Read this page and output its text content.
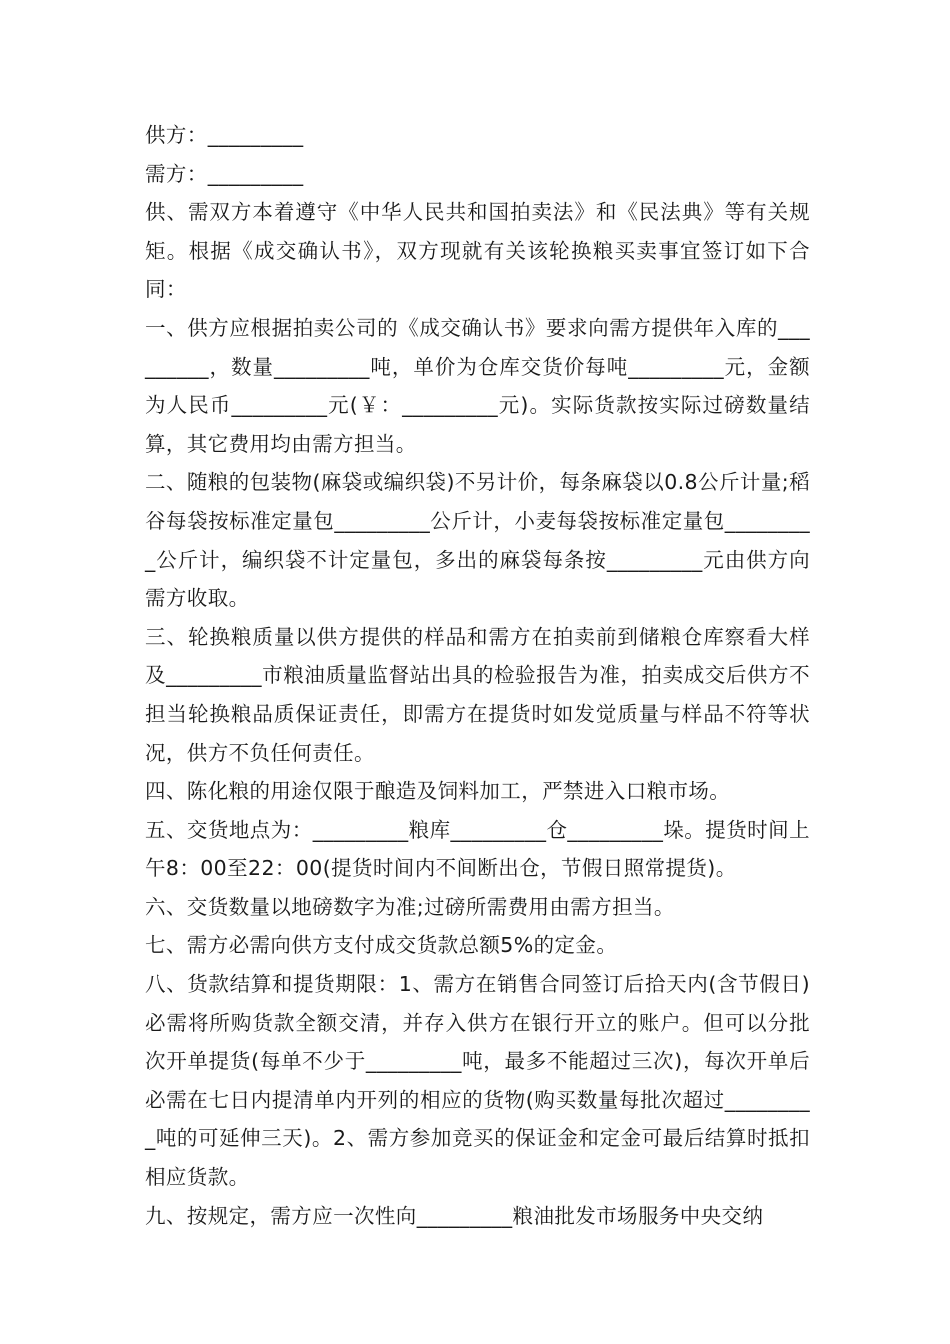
供方：_________

需方：_________

供、需双方本着遵守《中华人民共和国拍卖法》和《民法典》等有关规矩。根据《成交确认书》，双方现就有关该轮换粮买卖事宜签订如下合同：

一、供方应根据拍卖公司的《成交确认书》要求向需方提供年入库的_________，数量_________吨，单价为仓库交货价每吨_________元，金额为人民币_________元(￥：_________元)。实际货款按实际过磅数量结算，其它费用均由需方担当。

二、随粮的包装物(麻袋或编织袋)不另计价，每条麻袋以0.8公斤计量;稻谷每袋按标准定量包_________公斤计，小麦每袋按标准定量包_________公斤计，编织袋不计定量包，多出的麻袋每条按_________元由供方向需方收取。

三、轮换粮质量以供方提供的样品和需方在拍卖前到储粮仓库察看大样及_________市粮油质量监督站出具的检验报告为准，拍卖成交后供方不担当轮换粮品质保证责任，即需方在提货时如发觉质量与样品不符等状况，供方不负任何责任。

四、陈化粮的用途仅限于酿造及饲料加工，严禁进入口粮市场。

五、交货地点为：_________粮库_________仓_________垛。提货时间上午8：00至22：00(提货时间内不间断出仓，节假日照常提货)。

六、交货数量以地磅数字为准;过磅所需费用由需方担当。

七、需方必需向供方支付成交货款总额5%的定金。

八、货款结算和提货期限：1、需方在销售合同签订后拾天内(含节假日)必需将所购货款全额交清，并存入供方在银行开立的账户。但可以分批次开单提货(每单不少于_________吨，最多不能超过三次)，每次开单后必需在七日内提清单内开列的相应的货物(购买数量每批次超过_________吨的可延伸三天)。2、需方参加竞买的保证金和定金可最后结算时抵扣相应货款。

九、按规定，需方应一次性向_________粮油批发市场服务中央交纳
